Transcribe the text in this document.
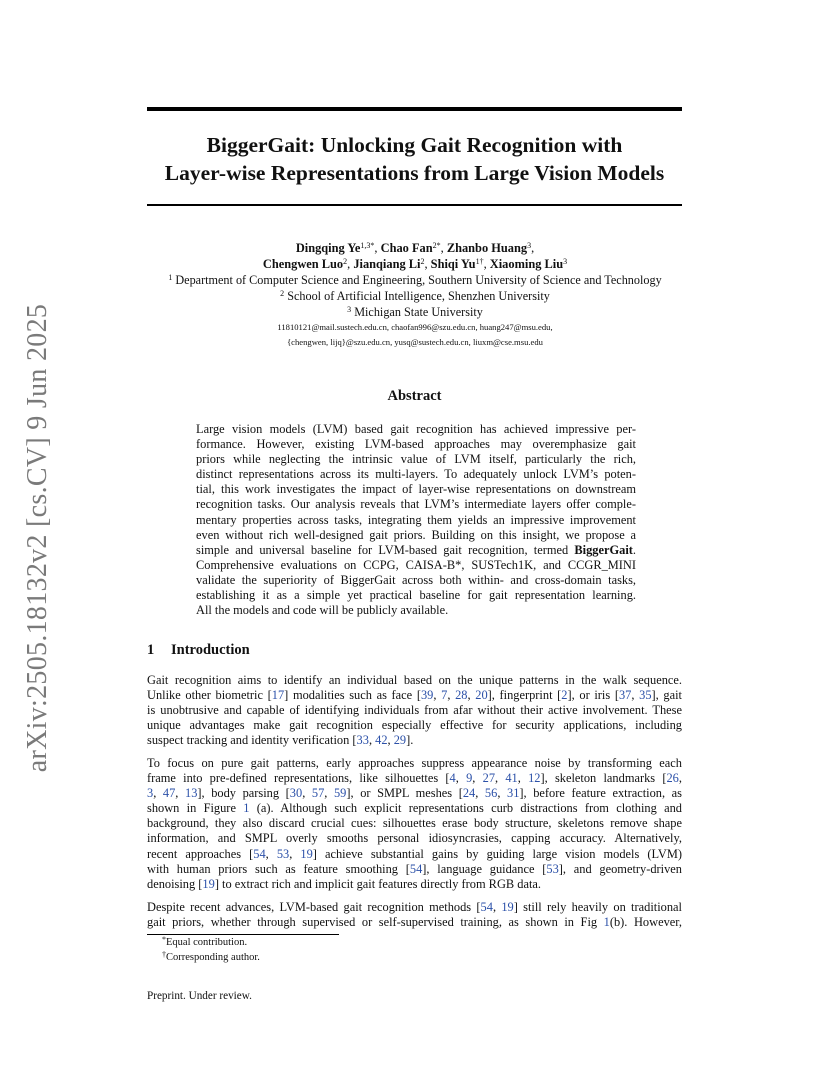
arXiv:2505.18132v2 [cs.CV] 9 Jun 2025
BiggerGait: Unlocking Gait Recognition with
Layer-wise Representations from Large Vision Models
Dingqing $Ye^{1,3*}$, Chao Fan$^{2*}$, Zhanbo Huang$^3$,
Chengwen Luo$^2$, Jianqiang Li$^2$, Shiqi $Yu^{1\dagger}$, Xiaoming Liu$^3$
$^1$ Department of Computer Science and Engineering, Southern University of Science and Technology
$^2$ School of Artificial Intelligence, Shenzhen University
$^3$ Michigan State University
11810121@mail.sustech.edu.cn, chaofan996@szu.edu.cn, huang247@msu.edu,
{chengwen, lijq}@szu.edu.cn, yusq@sustech.edu.cn, liuxm@cse.msu.edu
Abstract
Large vision models (LVM) based gait recognition has achieved impressive per-
formance. However, existing LVM-based approaches may overemphasize gait
priors while neglecting the intrinsic value of LVM itself, particularly the rich,
distinct representations across its multi-layers. To adequately unlock LVM’s poten-
tial, this work investigates the impact of layer-wise representations on downstream
recognition tasks. Our analysis reveals that LVM’s intermediate layers offer comple-
mentary properties across tasks, integrating them yields an impressive improvement
even without rich well-designed gait priors. Building on this insight, we propose a
simple and universal baseline for LVM-based gait recognition, termed BiggerGait.
Comprehensive evaluations on CCPG, CAISA-B*, SUSTech1K, and CCGR_MINI
validate the superiority of BiggerGait across both within- and cross-domain tasks,
establishing it as a simple yet practical baseline for gait representation learning.
All the models and code will be publicly available.
1 Introduction
Gait recognition aims to identify an individual based on the unique patterns in the walk sequence.
Unlike other biometric [17] modalities such as face [39, 7, 28, 20], fingerprint [2], or iris [37, 35], gait
is unobtrusive and capable of identifying individuals from afar without their active involvement. These
unique advantages make gait recognition especially effective for security applications, including
suspect tracking and identity verification [33, 42, 29].
To focus on pure gait patterns, early approaches suppress appearance noise by transforming each
frame into pre-defined representations, like silhouettes [4, 9, 27, 41, 12], skeleton landmarks [26,
3, 47, 13], body parsing [30, 57, 59], or SMPL meshes [24, 56, 31], before feature extraction, as
shown in Figure 1 (a). Although such explicit representations curb distractions from clothing and
background, they also discard crucial cues: silhouettes erase body structure, skeletons remove shape
information, and SMPL overly smooths personal idiosyncrasies, capping accuracy. Alternatively,
recent approaches [54, 53, 19] achieve substantial gains by guiding large vision models (LVM)
with human priors such as feature smoothing [54], language guidance [53], and geometry-driven
denoising [19] to extract rich and implicit gait features directly from RGB data.
Despite recent advances, LVM-based gait recognition methods [54, 19] still rely heavily on traditional
gait priors, whether through supervised or self-supervised training, as shown in Fig 1(b). However,
*Equal contribution.
†Corresponding author.
Preprint. Under review.
